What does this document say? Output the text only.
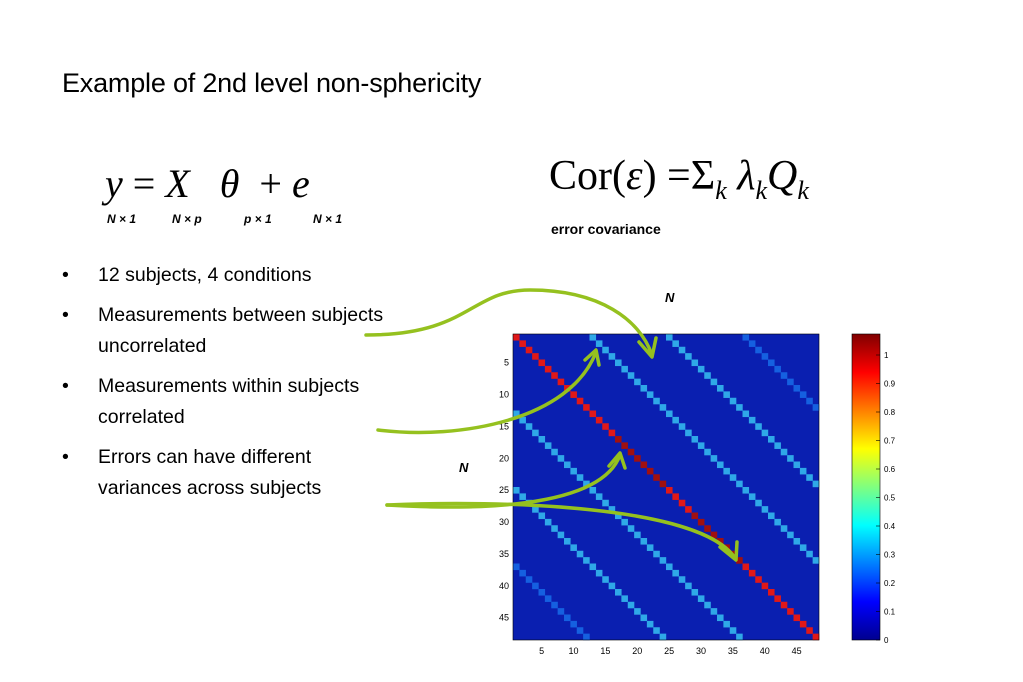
Example of 2nd level non-sphericity
y = X θ + e
N × 1	N × p	p × 1	N × 1
$Cor(\varepsilon) =\Sigma_k$ $\lambda_kQ_k$
error covariance
• 12 subjects, 4 conditions
• Measurements between subjects uncorrelated
• Measurements within subjects correlated
• Errors can have different variances across subjects
N
N
5	10 15 20 25 30 35 40 45
5
10
15
20
25
30
35
40
45
0
0.1
0.2
0.3
0.4
0.5
0.6
0.7
0.8
0.9
1
